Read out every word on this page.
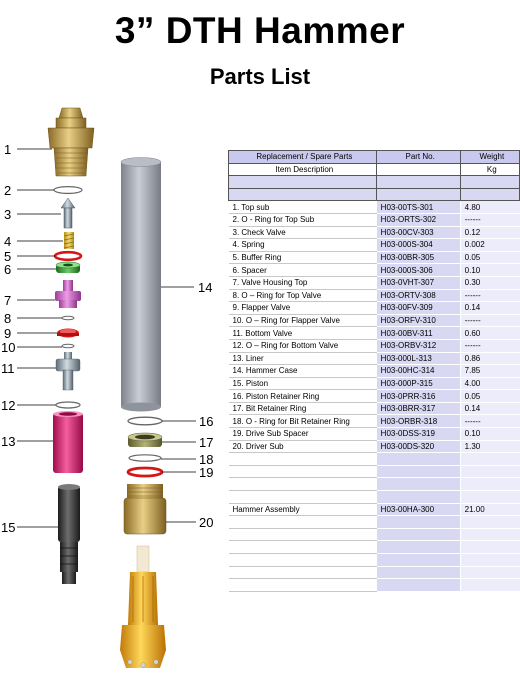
3” DTH Hammer
Parts List
1
2
3
4
5
6
7
8
9
10
11
12
13
15
14
16
17
18
19
20
Replacement / Spare Parts	Part No.	Weight
Item Description		Kg

1. Top sub	H03-00TS-301	4.80
2. O - Ring for Top Sub	H03-ORTS-302	------
3. Check Valve	H03-00CV-303	0.12
4. Spring	H03-000S-304	0.002
5. Buffer Ring	H03-00BR-305	0.05
6. Spacer	H03-000S-306	0.10
7. Valve Housing Top	H03-0VHT-307	0.30
8. O – Ring for Top Valve	H03-ORTV-308	------
9. Flapper Valve	H03-00FV-309	0.14
10. O – Ring for Flapper Valve	H03-ORFV-310	------
11. Bottom Valve	H03-00BV-311	0.60
12. O – Ring for Bottom Valve	H03-ORBV-312	------
13. Liner	H03-000L-313	0.86
14. Hammer Case	H03-00HC-314	7.85
15. Piston	H03-000P-315	4.00
16. Piston Retainer Ring	H03-0PRR-316	0.05
17. Bit Retainer Ring	H03-0BRR-317	0.14
18. O - Ring for Bit Retainer Ring	H03-ORBR-318	------
19. Drive Sub Spacer	H03-0DSS-319	0.10
20. Driver Sub	H03-00DS-320	1.30

Hammer Assembly	H03-00HA-300	21.00
